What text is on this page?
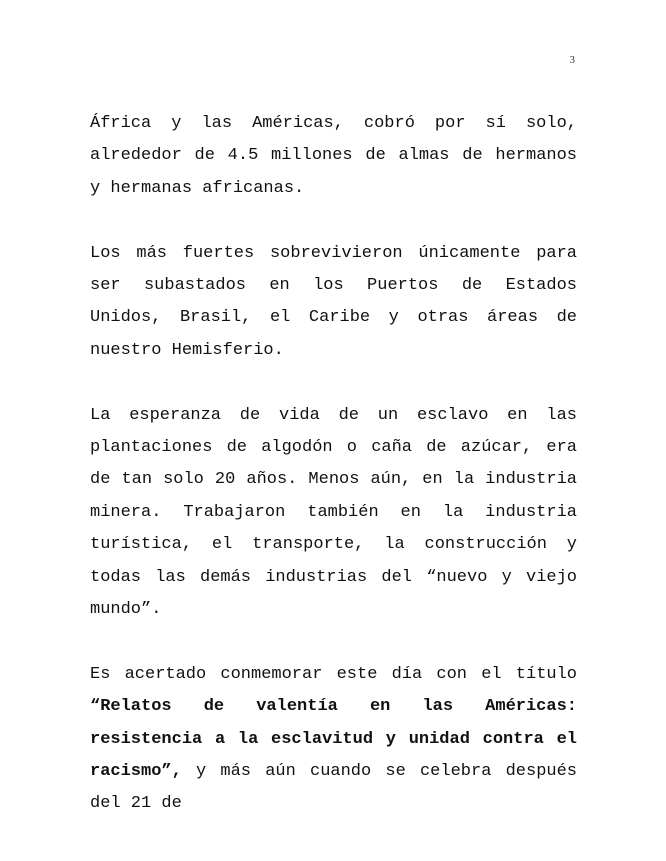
3

África y las Américas, cobró por sí solo, alrededor de 4.5 millones de almas de hermanos y hermanas africanas.

Los más fuertes sobrevivieron únicamente para ser subastados en los Puertos de Estados Unidos, Brasil, el Caribe y otras áreas de nuestro Hemisferio.

La esperanza de vida de un esclavo en las plantaciones de algodón o caña de azúcar, era de tan solo 20 años. Menos aún, en la industria minera. Trabajaron también en la industria turística, el transporte, la construcción y todas las demás industrias del “nuevo y viejo mundo”.

Es acertado conmemorar este día con el título “Relatos de valentía en las Américas: resistencia a la esclavitud y unidad contra el racismo”, y más aún cuando se celebra después del 21 de
